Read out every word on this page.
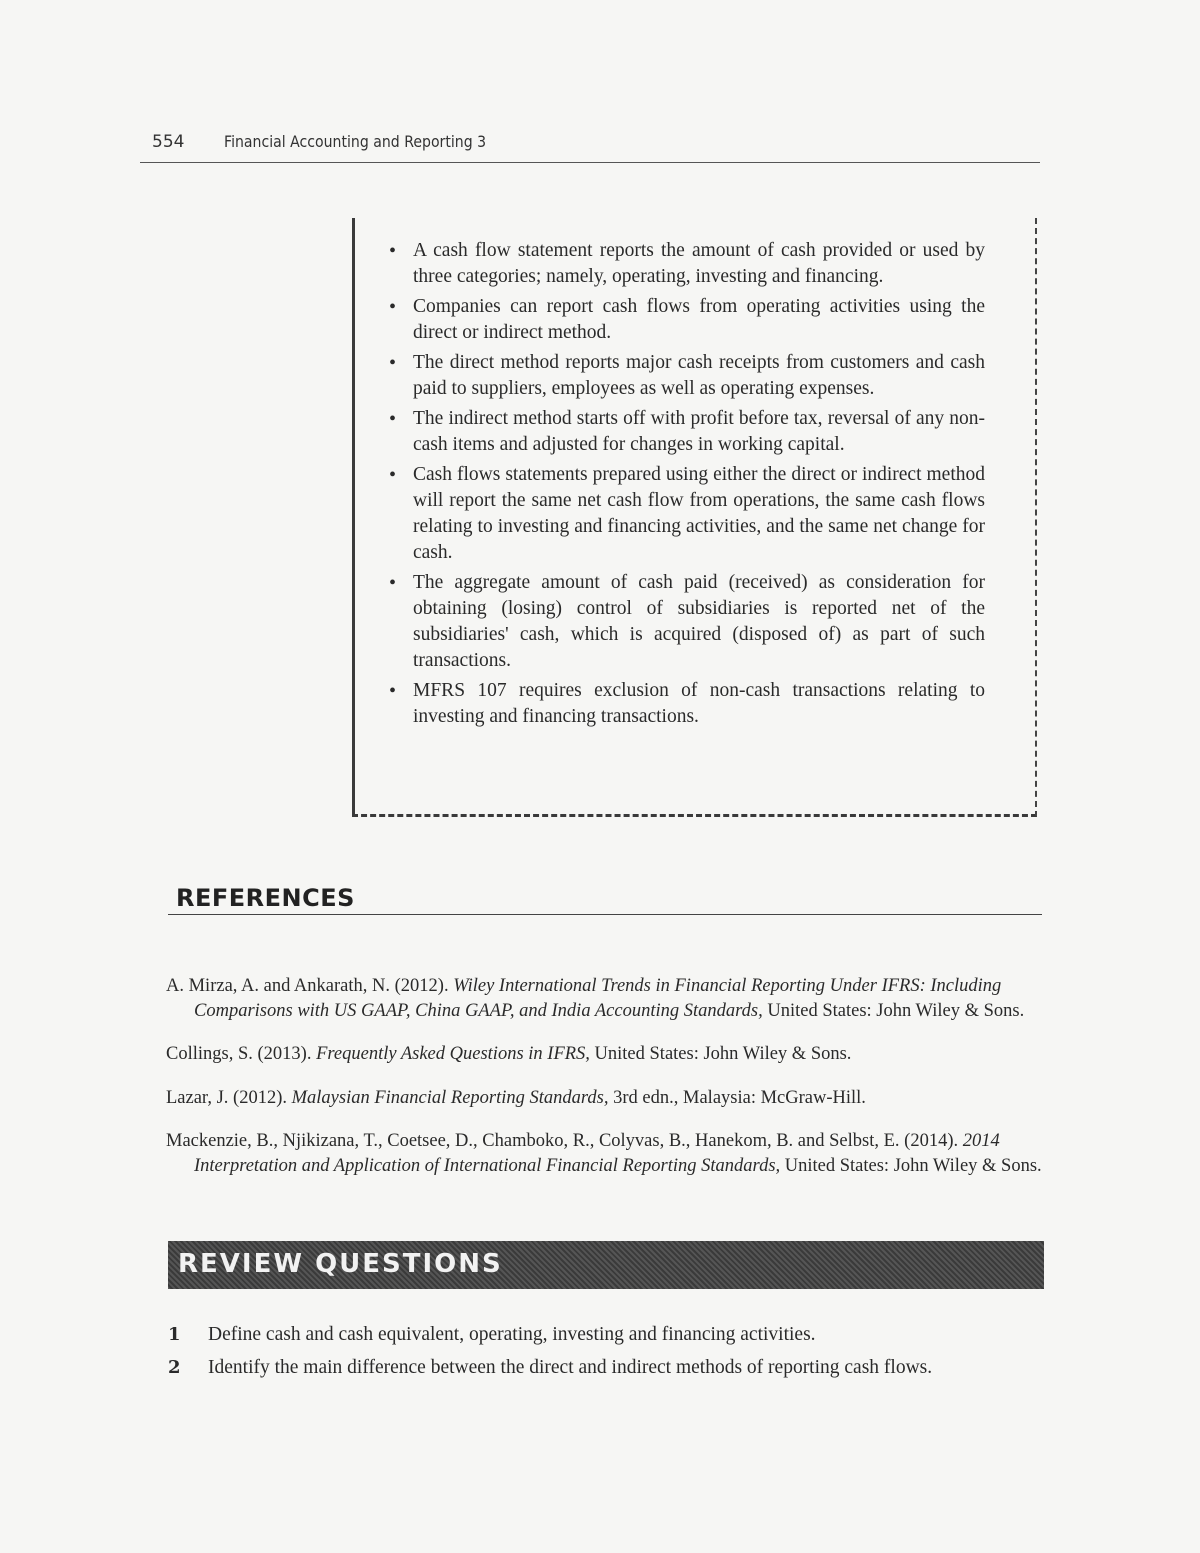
554 Financial Accounting and Reporting 3
• A cash flow statement reports the amount of cash provided or used by three categories; namely, operating, investing and financing.
• Companies can report cash flows from operating activities using the direct or indirect method.
• The direct method reports major cash receipts from customers and cash paid to suppliers, employees as well as operating expenses.
• The indirect method starts off with profit before tax, reversal of any non-cash items and adjusted for changes in working capital.
• Cash flows statements prepared using either the direct or indirect method will report the same net cash flow from operations, the same cash flows relating to investing and financing activities, and the same net change for cash.
• The aggregate amount of cash paid (received) as consideration for obtaining (losing) control of subsidiaries is reported net of the subsidiaries' cash, which is acquired (disposed of) as part of such transactions.
• MFRS 107 requires exclusion of non-cash transactions relating to investing and financing transactions.
REFERENCES

A. Mirza, A. and Ankarath, N. (2012). Wiley International Trends in Financial Reporting Under IFRS: Including Comparisons with US GAAP, China GAAP, and India Accounting Standards, United States: John Wiley & Sons.

Collings, S. (2013). Frequently Asked Questions in IFRS, United States: John Wiley & Sons.

Lazar, J. (2012). Malaysian Financial Reporting Standards, 3rd edn., Malaysia: McGraw-Hill.

Mackenzie, B., Njikizana, T., Coetsee, D., Chamboko, R., Colyvas, B., Hanekom, B. and Selbst, E. (2014). 2014 Interpretation and Application of International Financial Reporting Standards, United States: John Wiley & Sons.

REVIEW QUESTIONS
1 Define cash and cash equivalent, operating, investing and financing activities.
2 Identify the main difference between the direct and indirect methods of reporting cash flows.
